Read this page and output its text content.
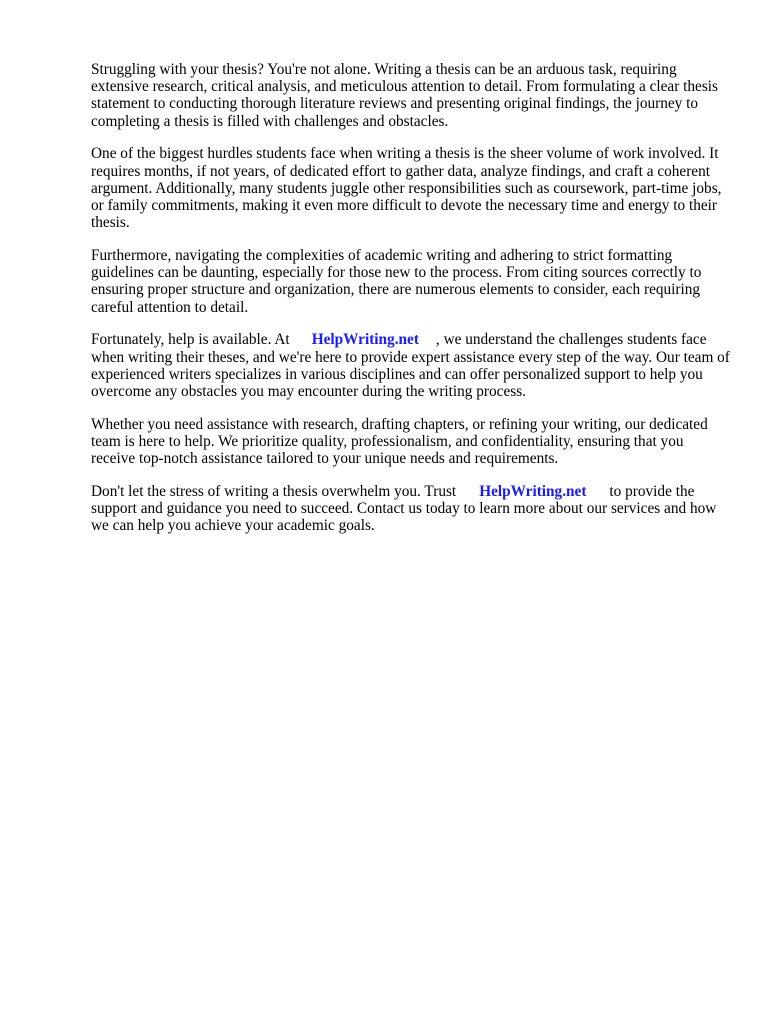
Struggling with your thesis? You're not alone. Writing a thesis can be an arduous task, requiring extensive research, critical analysis, and meticulous attention to detail. From formulating a clear thesis statement to conducting thorough literature reviews and presenting original findings, the journey to completing a thesis is filled with challenges and obstacles.

One of the biggest hurdles students face when writing a thesis is the sheer volume of work involved. It requires months, if not years, of dedicated effort to gather data, analyze findings, and craft a coherent argument. Additionally, many students juggle other responsibilities such as coursework, part-time jobs, or family commitments, making it even more difficult to devote the necessary time and energy to their thesis.

Furthermore, navigating the complexities of academic writing and adhering to strict formatting guidelines can be daunting, especially for those new to the process. From citing sources correctly to ensuring proper structure and organization, there are numerous elements to consider, each requiring careful attention to detail.

Fortunately, help is available. At HelpWriting.net , we understand the challenges students face when writing their theses, and we're here to provide expert assistance every step of the way. Our team of experienced writers specializes in various disciplines and can offer personalized support to help you overcome any obstacles you may encounter during the writing process.

Whether you need assistance with research, drafting chapters, or refining your writing, our dedicated team is here to help. We prioritize quality, professionalism, and confidentiality, ensuring that you receive top-notch assistance tailored to your unique needs and requirements.

Don't let the stress of writing a thesis overwhelm you. Trust HelpWriting.net to provide the support and guidance you need to succeed. Contact us today to learn more about our services and how we can help you achieve your academic goals.
